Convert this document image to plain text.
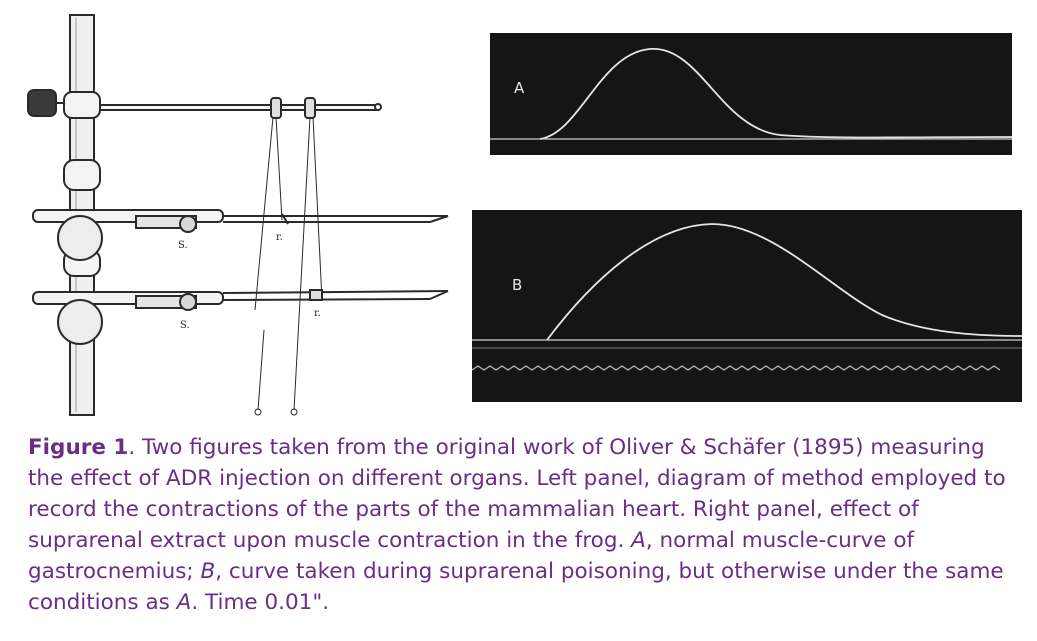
S.
r.
S.
r.
A
B

Figure 1. Two figures taken from the original work of Oliver & Schäfer (1895) measuring the effect of ADR injection on different organs. Left panel, diagram of method employed to record the contractions of the parts of the mammalian heart. Right panel, effect of suprarenal extract upon muscle contraction in the frog. A, normal muscle-curve of gastrocnemius; B, curve taken during suprarenal poisoning, but otherwise under the same conditions as A. Time 0.01".
